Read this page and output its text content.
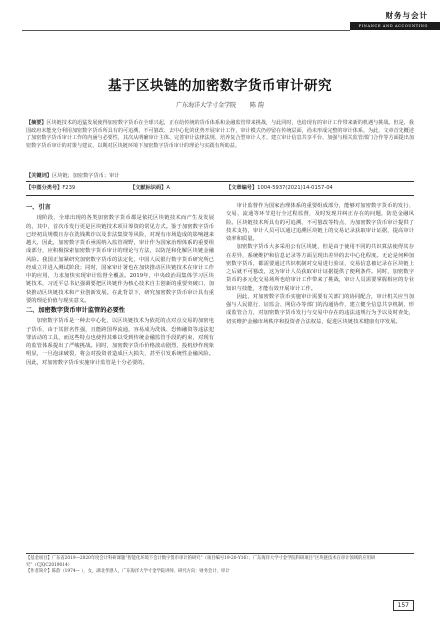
财务与会计
FINANCE AND ACCOUNTING
基于区块链的加密数字货币审计研究
广东海洋大学寸金学院 陈 韵
【摘要】区块链技术的迅猛发展使得加密数字货币在全球兴起，正在给传统的货币体系和金融监管带来挑战，与此同时，也给现有的审计工作带来新的机遇与挑战。但是，我国政府未能充分利用加密数字货币所具有的可追溯、不可篡改、去中心化的优势开展审计工作，审计模式仍停留在传统层面，尚未形成完整的审计体系。为此，文章首先概述了加密数字货币审计工作的内涵与必要性，其次从明确审计主体、完善审计法律法规、培养复合型审计人才、建立审计信息共享平台、加强与相关监管部门合作等方面提出加密数字货币审计的对策与建议，以期对区块链环境下加密数字货币审计的理论与实践有所助益。
【关键词】区块链；加密数字货币；审计
【中图分类号】F239	【文献标识码】A	【文章编号】1004-5937(2021)14-0157-04
一、引言

现阶段，全球出现的各类加密数字货币都是依托区块链技术而产生及发展的，其中，首次币发行更是区块链技术项目筹资的常见方式。鉴于加密数字货币已经初具规模且存在洗钱欺诈以及非法集资等风险，对现有市场造成的影响越来越大，因此，加密数字货币亟需纳入监管视野，审计作为国家治理体系的重要组成部分，应积极探索加密数字货币审计的理论与方法，以防范和化解区块链金融风险。我国正加紧研究加密数字货币的法定化，中国人民银行数字货币研究所已经成立并进入测试阶段；同时，国家审计署也在加快推动区块链技术在审计工作中的应用，力求加快实现审计监督全覆盖。2019年，中央政治局集体学习区块链技术，习近平总书记强调要把区块链作为核心技术自主创新的重要突破口，加快推动区块链技术和产业创新发展。在此背景下，研究加密数字货币审计具有重要的理论价值与现实意义。

二、加密数字货币审计监管的必要性

加密数字货币是一种去中心化、以区块链技术为依托的点对点交易的加密电子货币，由于其匿名性强，且能跨国界流通，容易成为洗钱、恐怖融资等违法犯罪活动的工具，而这些特点也使得其难以受到传统金融监管手段的约束，对现有的监管体系提出了严峻挑战。同时，加密数字货币价格波动剧烈，投机炒作现象明显，一旦泡沫破裂，将会对投资者造成巨大损失，甚至引发系统性金融风险。因此，对加密数字货币实施审计监管是十分必要的。

审计监督作为国家治理体系的重要组成部分，能够对加密数字货币的发行、交易、流通等环节进行全过程监督，及时发现并纠正存在的问题，防范金融风险。区块链技术所具有的可追溯、不可篡改等特点，为加密数字货币审计提供了技术支持，审计人员可以通过追溯区块链上的交易记录获取审计证据，提高审计效率和质量。

加密数字货币大多采用公有区块链，但是由于使用不同的共识算法使得其存在差异，系统维护和信息记录等方面呈现出差异的去中心化程度。无论是何种加密数字货币，都需要通过共识机制对交易进行验证，交易信息被记录在区块链上之后就不可篡改，这为审计人员获取审计证据提供了便利条件。同时，加密数字货币的多元化交易场所也给审计工作带来了挑战，审计人员需要掌握相应的专业知识与技能，才能有效开展审计工作。

因此，对加密数字货币实施审计需要有关部门的协同配合，审计机关应当加强与人民银行、证监会、网信办等部门的沟通协作，建立健全信息共享机制，形成监管合力，对加密数字货币发行与交易中存在的违法违规行为予以及时查处，切实维护金融市场秩序和投资者合法权益，促进区块链技术健康有序发展。

【基金项目】广东省2019—2020年度会计科研课题“智能化环境下会计数字货币审计的研究”（项目编号19-20-Y16）；广东海洋大学寸金学院科研项目“区块链技术在审计领域的应用研究”（CJQC2019014）

【作者简介】陈韵（1974— ），女，湖北孝感人，广东海洋大学寸金学院讲师，研究方向：财务会计、审计

157
